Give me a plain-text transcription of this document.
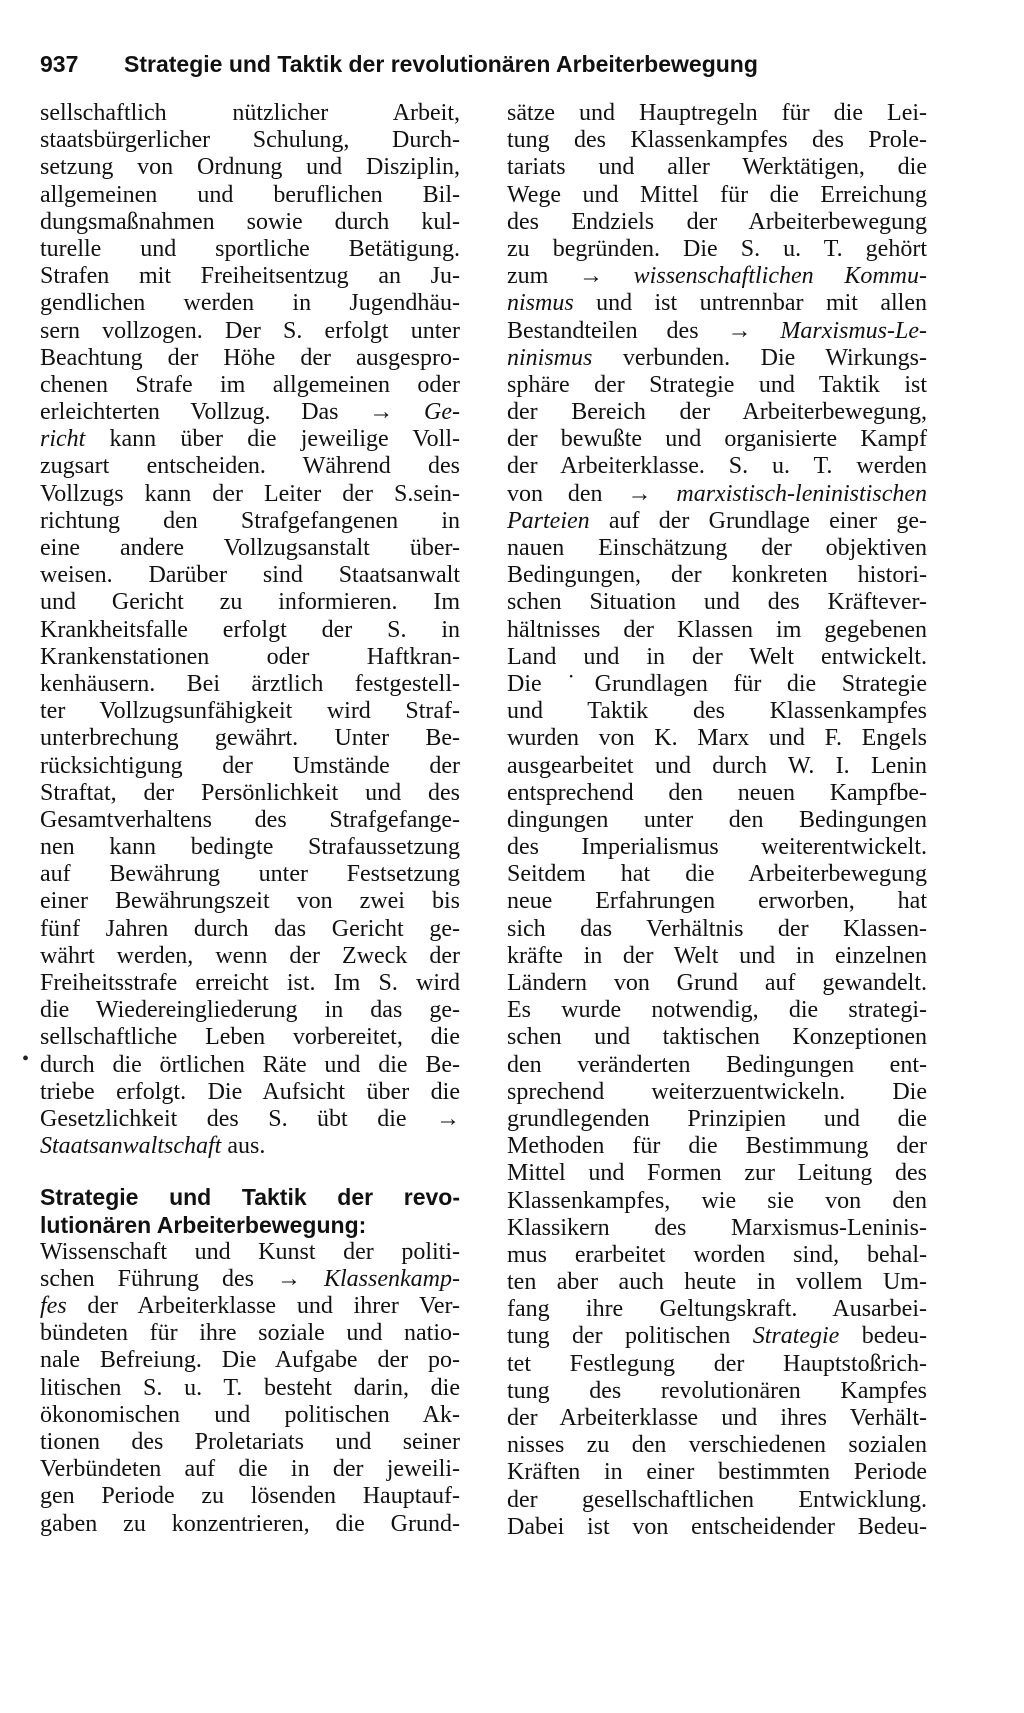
937 Strategie und Taktik der revolutionären Arbeiterbewegung
•
sellschaftlich nützlicher Arbeit,
staatsbürgerlicher Schulung, Durch-
setzung von Ordnung und Disziplin,
allgemeinen und beruflichen Bil-
dungsmaßnahmen sowie durch kul-
turelle und sportliche Betätigung.
Strafen mit Freiheitsentzug an Ju-
gendlichen werden in Jugendhäu-
sern vollzogen. Der S. erfolgt unter
Beachtung der Höhe der ausgespro-
chenen Strafe im allgemeinen oder
erleichterten Vollzug. Das → Ge-
richt kann über die jeweilige Voll-
zugsart entscheiden. Während des
Vollzugs kann der Leiter der S.sein-
richtung den Strafgefangenen in
eine andere Vollzugsanstalt über-
weisen. Darüber sind Staatsanwalt
und Gericht zu informieren. Im
Krankheitsfalle erfolgt der S. in
Krankenstationen oder Haftkran-
kenhäusern. Bei ärztlich festgestell-
ter Vollzugsunfähigkeit wird Straf-
unterbrechung gewährt. Unter Be-
rücksichtigung der Umstände der
Straftat, der Persönlichkeit und des
Gesamtverhaltens des Strafgefange-
nen kann bedingte Strafaussetzung
auf Bewährung unter Festsetzung
einer Bewährungszeit von zwei bis
fünf Jahren durch das Gericht ge-
währt werden, wenn der Zweck der
Freiheitsstrafe erreicht ist. Im S. wird
die Wiedereingliederung in das ge-
sellschaftliche Leben vorbereitet, die
durch die örtlichen Räte und die Be-
triebe erfolgt. Die Aufsicht über die
Gesetzlichkeit des S. übt die →
Staatsanwaltschaft aus.
Strategie und Taktik der revo-
lutionären Arbeiterbewegung:
Wissenschaft und Kunst der politi-
schen Führung des → Klassenkamp-
fes der Arbeiterklasse und ihrer Ver-
bündeten für ihre soziale und natio-
nale Befreiung. Die Aufgabe der po-
litischen S. u. T. besteht darin, die
ökonomischen und politischen Ak-
tionen des Proletariats und seiner
Verbündeten auf die in der jeweili-
gen Periode zu lösenden Hauptauf-
gaben zu konzentrieren, die Grund-
sätze und Hauptregeln für die Lei-
tung des Klassenkampfes des Prole-
tariats und aller Werktätigen, die
Wege und Mittel für die Erreichung
des Endziels der Arbeiterbewegung
zu begründen. Die S. u. T. gehört
zum → wissenschaftlichen Kommu-
nismus und ist untrennbar mit allen
Bestandteilen des → Marxismus-Le-
ninismus verbunden. Die Wirkungs-
sphäre der Strategie und Taktik ist
der Bereich der Arbeiterbewegung,
der bewußte und organisierte Kampf
der Arbeiterklasse. S. u. T. werden
von den → marxistisch-leninistischen
Parteien auf der Grundlage einer ge-
nauen Einschätzung der objektiven
Bedingungen, der konkreten histori-
schen Situation und des Kräftever-
hältnisses der Klassen im gegebenen
Land und in der Welt entwickelt.
Die ˙Grundlagen für die Strategie
und Taktik des Klassenkampfes
wurden von K. Marx und F. Engels
ausgearbeitet und durch W. I. Lenin
entsprechend den neuen Kampfbe-
dingungen unter den Bedingungen
des Imperialismus weiterentwickelt.
Seitdem hat die Arbeiterbewegung
neue Erfahrungen erworben, hat
sich das Verhältnis der Klassen-
kräfte in der Welt und in einzelnen
Ländern von Grund auf gewandelt.
Es wurde notwendig, die strategi-
schen und taktischen Konzeptionen
den veränderten Bedingungen ent-
sprechend weiterzuentwickeln. Die
grundlegenden Prinzipien und die
Methoden für die Bestimmung der
Mittel und Formen zur Leitung des
Klassenkampfes, wie sie von den
Klassikern des Marxismus-Leninis-
mus erarbeitet worden sind, behal-
ten aber auch heute in vollem Um-
fang ihre Geltungskraft. Ausarbei-
tung der politischen Strategie bedeu-
tet Festlegung der Hauptstoßrich-
tung des revolutionären Kampfes
der Arbeiterklasse und ihres Verhält-
nisses zu den verschiedenen sozialen
Kräften in einer bestimmten Periode
der gesellschaftlichen Entwicklung.
Dabei ist von entscheidender Bedeu-
